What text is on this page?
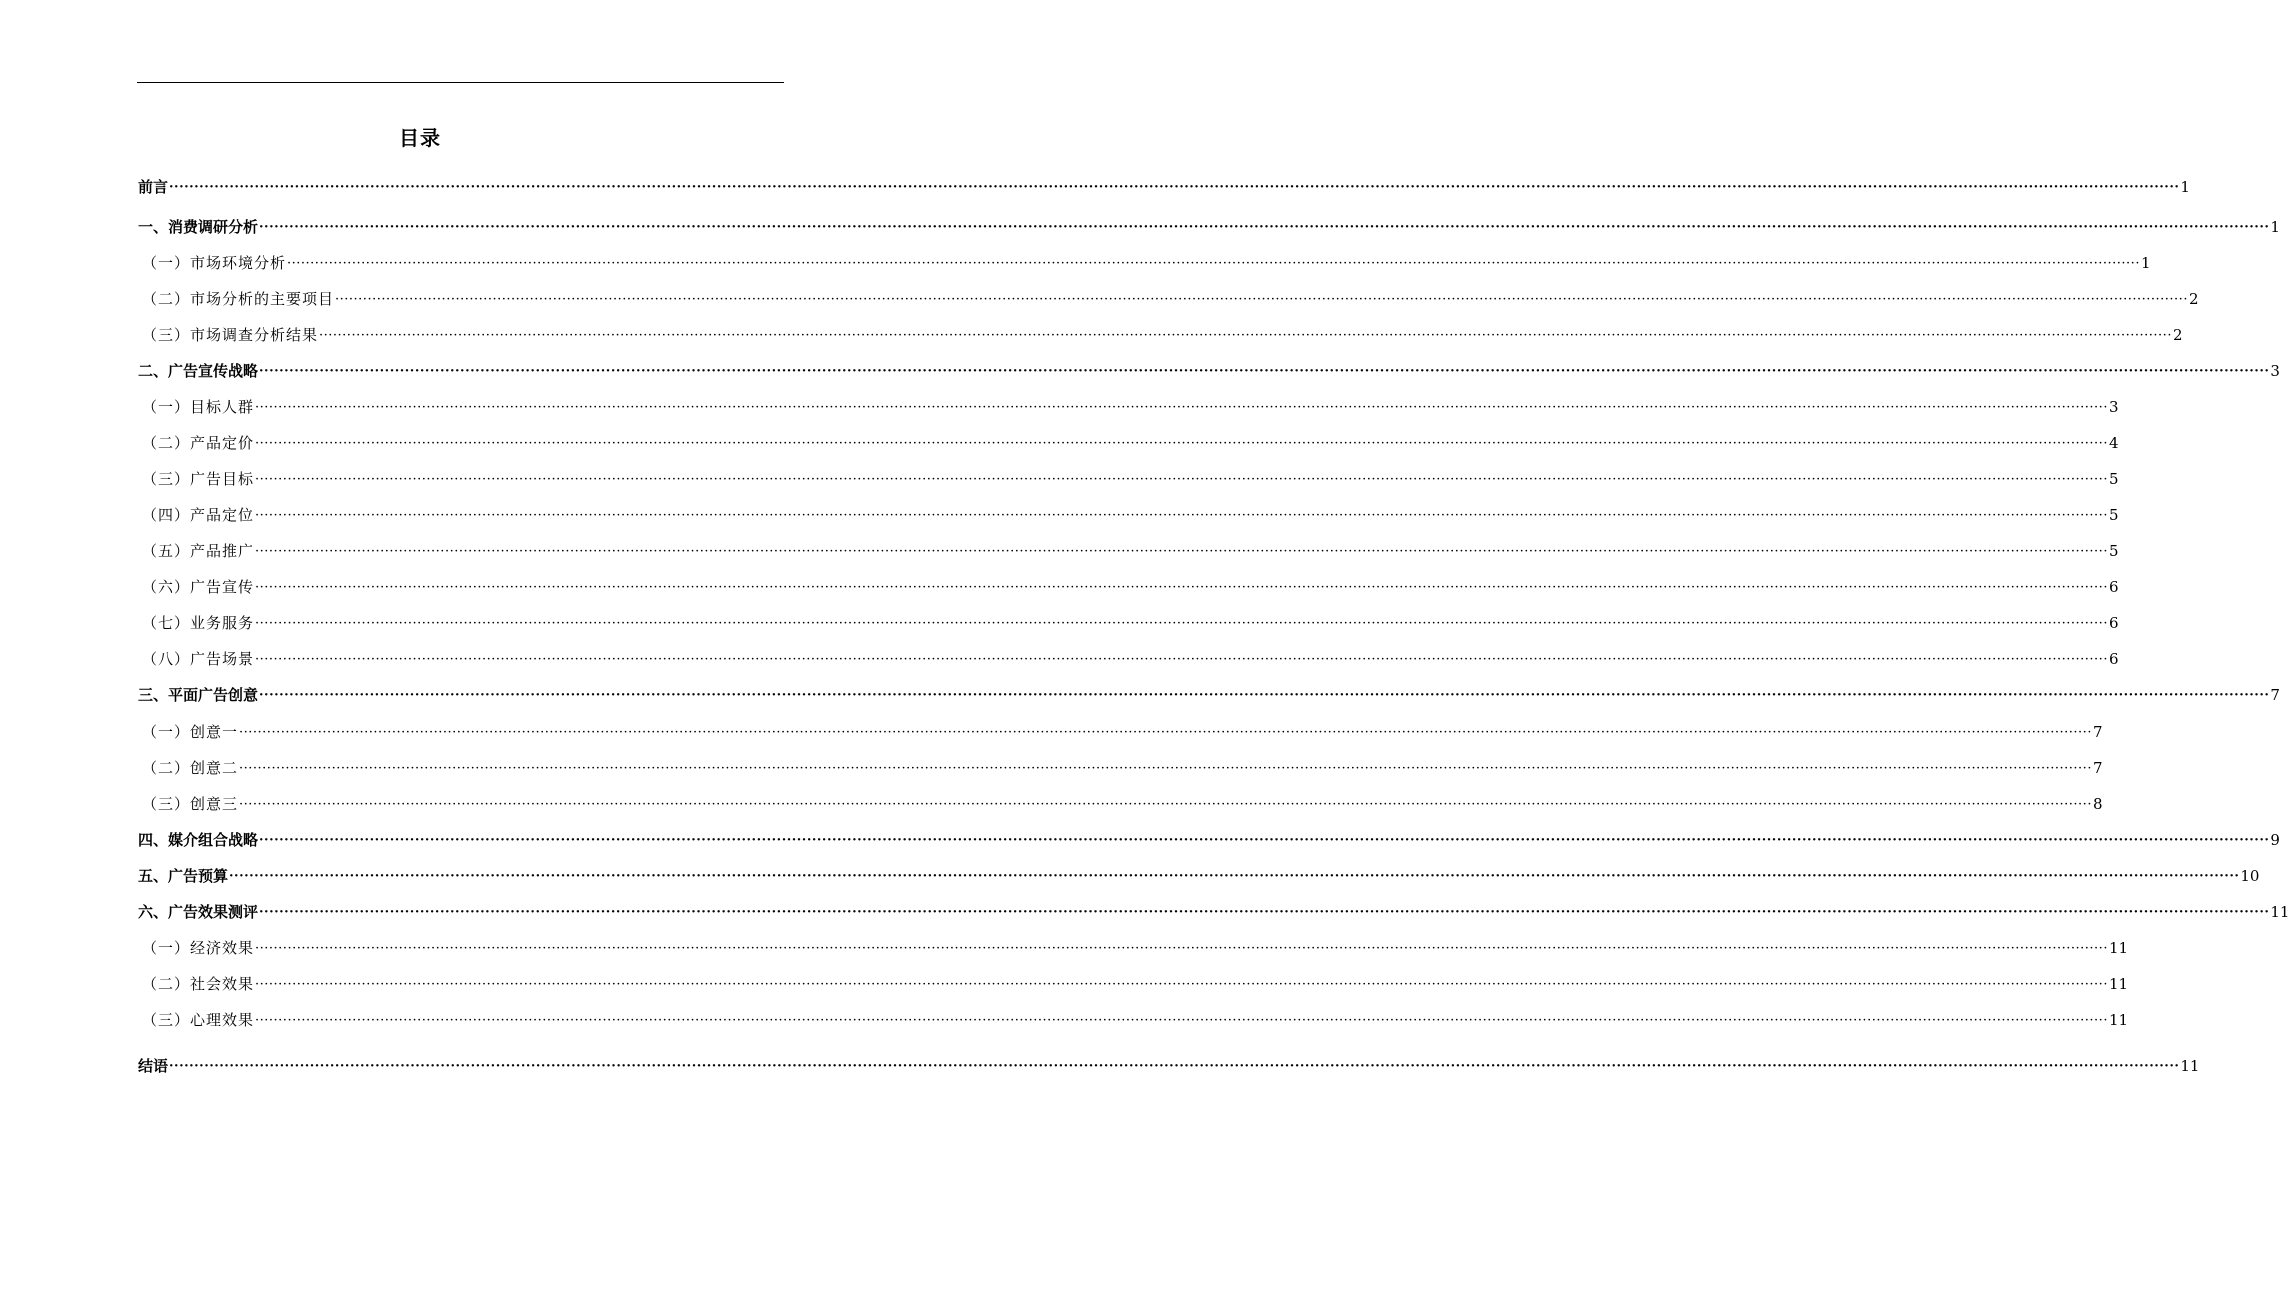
目录
前言 ················································································································································································································································································································································································································ 1
一、消费调研分析 ················································································································································································································································································································································································································ 1
（一）市场环境分析 ················································································································································································································································································································································································································ 1
（二）市场分析的主要项目 ················································································································································································································································································································································································································ 2
（三）市场调查分析结果 ················································································································································································································································································································································································································ 2
二、广告宣传战略 ················································································································································································································································································································································································································ 3
（一）目标人群 ················································································································································································································································································································································································································ 3
（二）产品定价 ················································································································································································································································································································································································································ 4
（三）广告目标 ················································································································································································································································································································································································································ 5
（四）产品定位 ················································································································································································································································································································································································································ 5
（五）产品推广 ················································································································································································································································································································································································································ 5
（六）广告宣传 ················································································································································································································································································································································································································ 6
（七）业务服务 ················································································································································································································································································································································································································ 6
（八）广告场景 ················································································································································································································································································································································································································ 6
三、平面广告创意 ················································································································································································································································································································································································································ 7
（一）创意一 ················································································································································································································································································································································································································ 7
（二）创意二 ················································································································································································································································································································································································································ 7
（三）创意三 ················································································································································································································································································································································································································ 8
四、媒介组合战略 ················································································································································································································································································································································································································ 9
五、广告预算 ················································································································································································································································································································································································································ 10
六、广告效果测评 ················································································································································································································································································································································································································ 11
（一）经济效果 ················································································································································································································································································································································································································ 11
（二）社会效果 ················································································································································································································································································································································································································ 11
（三）心理效果 ················································································································································································································································································································································································································ 11
结语 ················································································································································································································································································································································································································ 11
